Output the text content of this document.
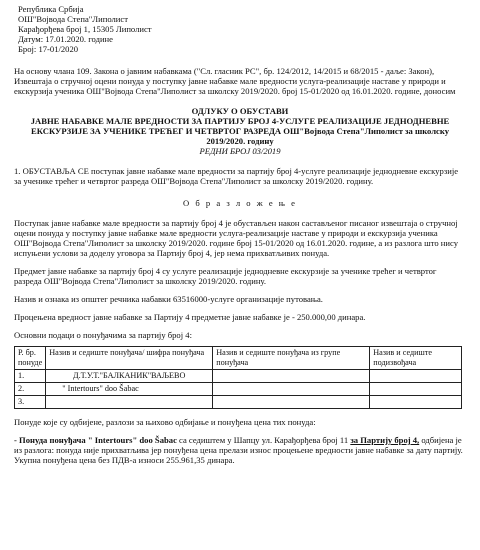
Република Србија
ОШ"Војвода Степа"Липолист
Карађорђева број 1, 15305 Липолист
Датум: 17.01.2020. године
Број: 17-01/2020

На основу члана 109. Закона о јавним набавкама ("Сл. гласник РС", бр. 124/2012, 14/2015 и 68/2015 - даље: Закон), Извештаја о стручној оцени понуда у поступку јавне набавке мале вредности услуга-реализације наставе у природи и екскурзија ученика ОШ"Војвода Степа"Липолист за школску 2019/2020. број 15-01/2020 од 16.01.2020. године, доносим

ОДЛУКУ О ОБУСТАВИ
ЈАВНЕ НАБАВКЕ МАЛЕ ВРЕДНОСТИ ЗА ПАРТИЈУ БРОЈ 4-УСЛУГЕ РЕАЛИЗАЦИЈЕ ЈЕДНОДНЕВНЕ ЕКСКУРЗИЈЕ ЗА УЧЕНИКЕ ТРЕЋЕГ И ЧЕТВРТОГ РАЗРЕДА ОШ"Војвода Степа"Липолист за школску 2019/2020. годину
РЕДНИ БРОЈ 03/2019

1. ОБУСТАВЉА СЕ поступак јавне набавке мале вредности за партију број 4-услуге реализације једнодневне екскурзије за ученике трећег и четвртог разреда ОШ"Војвода Степа"Липолист за школску 2019/2020. годину.

О б р а з л о ж е њ е

Поступак јавне набавке мале вредности за партију број 4 је обустављен након састављеног писаног извештаја о стручној оцени понуда у поступку јавне набавке мале вредности услуга-реализације наставе у природи и екскурзија ученика ОШ"Војвода Степа"Липолист за школску 2019/2020. године број 15-01/2020 од 16.01.2020. године, а из разлога што нису испуњени услови за доделу уговора за Партију број 4, јер нема прихватљивих понуда.

Предмет јавне набавке за партију број 4 су услуге реализације једнодневне екскурзије за ученике трећег и четвртог разреда ОШ"Војвода Степа"Липолист за школску 2019/2020. годину.

Назив и ознака из општег речника набавки 63516000-услуге организације путовања.

Процењена вредност јавне набавке за Партију 4 предметне јавне набавке је - 250.000,00 динара.

Основни подаци о понуђачима за партију број 4:

Р. бр. понуде	Назив и седиште понуђача/ шифра понуђача	Назив и седиште понуђача из групе понуђача	Назив и седиште подизвођача
1.	Д.Т.У.Т."БАЛКАНИК"ВАЉЕВО		
2.	" Intertours" doo Šabac		
3.			

Понуде које су одбијене, разлози за њихово одбијање и понуђена цена тих понуда:

- Понуда понуђача " Intertours" doo Šabac са седиштем у Шапцу ул. Карађорђева број 11 за Партију број 4, одбијена је из разлога: понуда није прихватљива јер понуђена цена прелази износ процењене вредности јавне набавке за дату партију. Укупна понуђена цена без ПДВ-а износи 255.961,35 динара.
